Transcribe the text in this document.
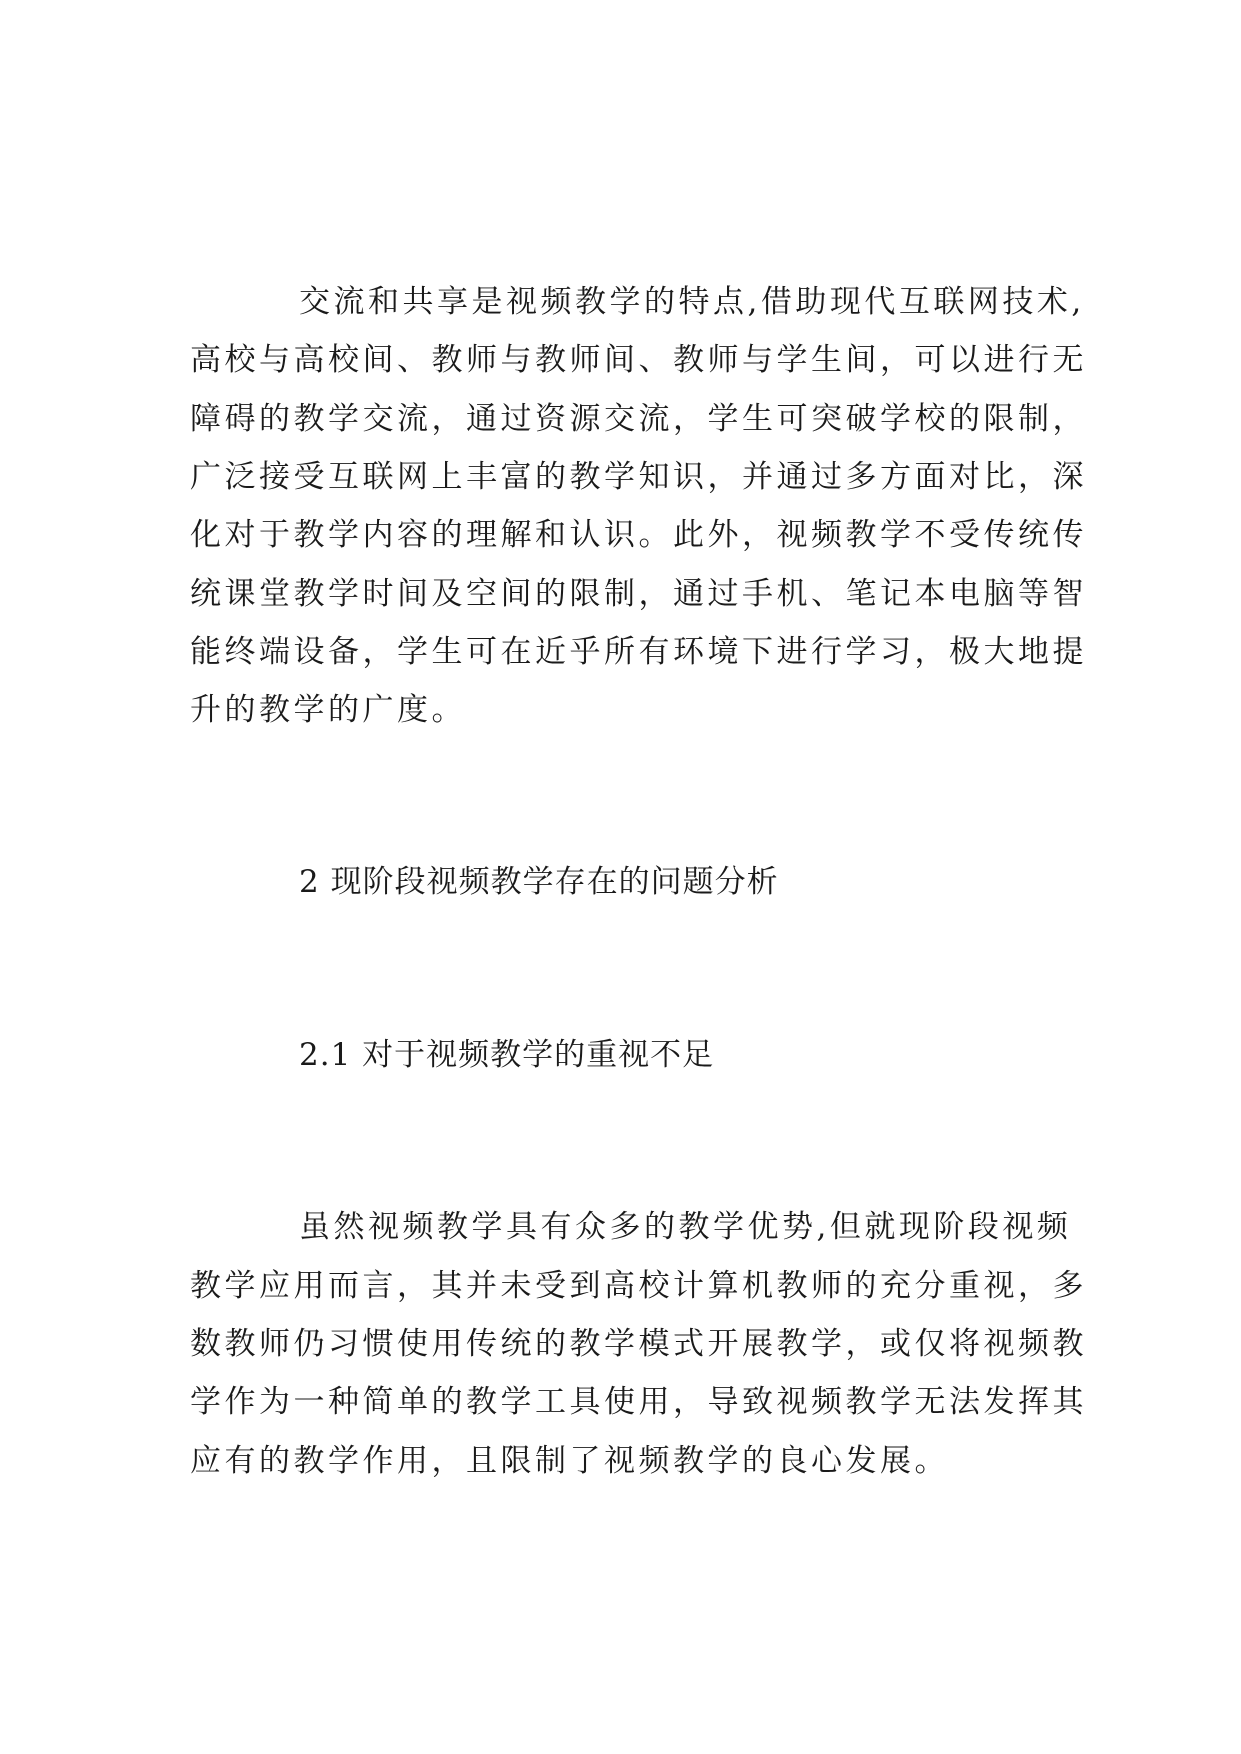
交流和共享是视频教学的特点,借助现代互联网技术,
高校与高校间、教师与教师间、教师与学生间，可以进行无
障碍的教学交流，通过资源交流，学生可突破学校的限制，
广泛接受互联网上丰富的教学知识，并通过多方面对比，深
化对于教学内容的理解和认识。此外，视频教学不受传统传
统课堂教学时间及空间的限制，通过手机、笔记本电脑等智
能终端设备，学生可在近乎所有环境下进行学习，极大地提
升的教学的广度。
2 现阶段视频教学存在的问题分析
2.1 对于视频教学的重视不足
虽然视频教学具有众多的教学优势,但就现阶段视频
教学应用而言，其并未受到高校计算机教师的充分重视，多
数教师仍习惯使用传统的教学模式开展教学，或仅将视频教
学作为一种简单的教学工具使用，导致视频教学无法发挥其
应有的教学作用，且限制了视频教学的良心发展。
